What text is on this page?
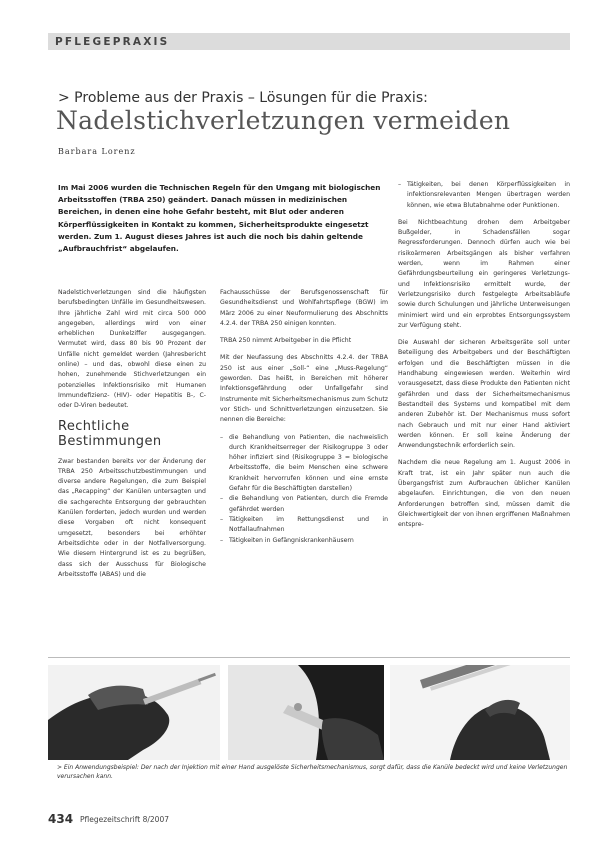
PFLEGEPRAXIS
> Probleme aus der Praxis – Lösungen für die Praxis:
Nadelstichverletzungen vermeiden
Barbara Lorenz
Im Mai 2006 wurden die Technischen Regeln für den Umgang mit biologischen Arbeitsstoffen (TRBA 250) geändert. Danach müssen in medizinischen Bereichen, in denen eine hohe Gefahr besteht, mit Blut oder anderen Körperflüssigkeiten in Kontakt zu kommen, Sicherheitsprodukte eingesetzt werden. Zum 1. August dieses Jahres ist auch die noch bis dahin geltende „Aufbrauchfrist“ abgelaufen.

Nadelstichverletzungen sind die häufigsten berufsbedingten Unfälle im Gesundheitswesen. Ihre jährliche Zahl wird mit circa 500 000 angegeben, allerdings wird von einer erheblichen Dunkelziffer ausgegangen. Vermutet wird, dass 80 bis 90 Prozent der Unfälle nicht gemeldet werden (Jahresbericht online) – und das, obwohl diese einen zu hohen, zunehmende Stichverletzungen ein potenzielles Infektionsrisiko mit Humanen Immundefizienz- (HIV)- oder Hepatitis B-, C- oder D-Viren bedeutet.

Rechtliche Bestimmungen

Zwar bestanden bereits vor der Änderung der TRBA 250 Arbeitsschutzbestimmungen und diverse andere Regelungen, die zum Beispiel das „Recapping“ der Kanülen untersagten und die sachgerechte Entsorgung der gebrauchten Kanülen forderten, jedoch wurden und werden diese Vorgaben oft nicht konsequent umgesetzt, besonders bei erhöhter Arbeitsdichte oder in der Notfallversorgung. Wie diesem Hintergrund ist es zu begrüßen, dass sich der Ausschuss für Biologische Arbeitsstoffe (ABAS) und die

Fachausschüsse der Berufsgenossenschaft für Gesundheitsdienst und Wohlfahrtspflege (BGW) im März 2006 zu einer Neuformulierung des Abschnitts 4.2.4. der TRBA 250 einigen konnten.

TRBA 250 nimmt Arbeitgeber in die Pflicht

Mit der Neufassung des Abschnitts 4.2.4. der TRBA 250 ist aus einer „Soll-“ eine „Muss-Regelung“ geworden. Das heißt, in Bereichen mit höherer Infektionsgefährdung oder Unfallgefahr sind Instrumente mit Sicherheitsmechanismus zum Schutz vor Stich- und Schnittverletzungen einzusetzen. Sie nennen die Bereiche:

– die Behandlung von Patienten, die nachweislich durch Krankheitserreger der Risikogruppe 3 oder höher infiziert sind (Risikogruppe 3 = biologische Arbeitsstoffe, die beim Menschen eine schwere Krankheit hervorrufen können und eine ernste Gefahr für die Beschäftigten darstellen)
– die Behandlung von Patienten, durch die Fremde gefährdet werden
– Tätigkeiten im Rettungsdienst und in Notfallaufnahmen
– Tätigkeiten in Gefängniskrankenhäusern
– Tätigkeiten, bei denen Körperflüssigkeiten in infektionsrelevanten Mengen übertragen werden können, wie etwa Blutabnahme oder Punktionen.

Bei Nichtbeachtung drohen dem Arbeitgeber Bußgelder, in Schadensfällen sogar Regressforderungen. Dennoch dürfen auch wie bei risikoärmeren Arbeitsgängen als bisher verfahren werden, wenn im Rahmen einer Gefährdungsbeurteilung ein geringeres Verletzungs- und Infektionsrisiko ermittelt wurde, der Verletzungsrisiko durch festgelegte Arbeitsabläufe sowie durch Schulungen und jährliche Unterweisungen minimiert wird und ein erprobtes Entsorgungssystem zur Verfügung steht.

Die Auswahl der sicheren Arbeitsgeräte soll unter Beteiligung des Arbeitgebers und der Beschäftigten erfolgen und die Beschäftigten müssen in die Handhabung eingewiesen werden. Weiterhin wird vorausgesetzt, dass diese Produkte den Patienten nicht gefährden und dass der Sicherheitsmechanismus Bestandteil des Systems und kompatibel mit dem anderen Zubehör ist. Der Mechanismus muss sofort nach Gebrauch und mit nur einer Hand aktiviert werden können. Er soll keine Änderung der Anwendungstechnik erforderlich sein.

Nachdem die neue Regelung am 1. August 2006 in Kraft trat, ist ein Jahr später nun auch die Übergangsfrist zum Aufbrauchen üblicher Kanülen abgelaufen. Einrichtungen, die von den neuen Anforderungen betroffen sind, müssen damit die Gleichwertigkeit der von ihnen ergriffenen Maßnahmen entspre-

> Ein Anwendungsbeispiel: Der nach der Injektion mit einer Hand ausgelöste Sicherheitsmechanismus, sorgt dafür, dass die Kanüle bedeckt wird und keine Verletzungen verursachen kann.
434 Pflegezeitschrift 8/2007
